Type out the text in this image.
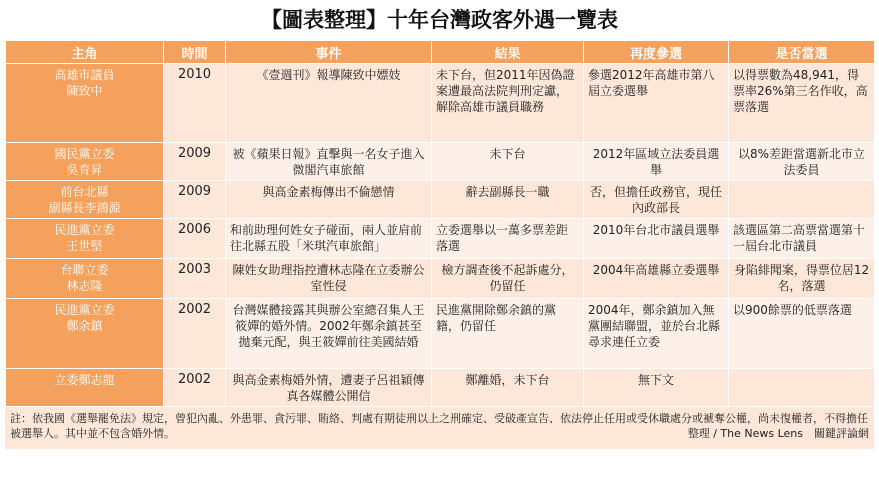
【圖表整理】十年台灣政客外遇一覽表
主角	時間	事件	結果	再度參選	是否當選

高雄市議員
陳致中	2010	《壹週刊》報導陳致中嫖妓	未下台，但2011年因偽證案遭最高法院判刑定讞，解除高雄市議員職務	參選2012年高雄市第八屆立委選舉	以得票數為48,941，得票率26%第三名作收，高票落選

國民黨立委
吳育昇	2009	被《蘋果日報》直擊與一名女子進入微閣汽車旅館	未下台	2012年區域立法委員選舉	以8%差距當選新北市立法委員

前台北縣
副縣長李鴻源	2009	與高金素梅傳出不倫戀情	辭去副縣長一職	否，但擔任政務官，現任內政部長	

民進黨立委
王世堅	2006	和前助理何姓女子碰面，兩人並肩前往北縣五股「米琪汽車旅館」	立委選舉以一萬多票差距落選	2010年台北市議員選舉	該選區第二高票當選第十一屆台北市議員

台聯立委
林志隆	2003	陳姓女助理指控遭林志隆在立委辦公室性侵	檢方調查後不起訴處分，仍留任	2004年高雄縣立委選舉	身陷緋聞案，得票位居12名，落選

民進黨立委
鄭余鎮	2002	台灣媒體接露其與辦公室總召集人王筱嬋的婚外情。2002年鄭余鎮甚至拋棄元配，與王筱嬋前往美國結婚	民進黨開除鄭余鎮的黨籍，仍留任	2004年，鄭余鎮加入無黨團結聯盟，並於台北縣尋求連任立委	以900餘票的低票落選

立委鄭志龍	2002	與高金素梅婚外情，遭妻子呂祖穎傳真各媒體公開信	鄭離婚，未下台	無下文	
註：依我國《選舉罷免法》規定，曾犯內亂、外患罪、貪污罪、賄絡、判處有期徒刑以上之刑確定、受破產宣告、依法停止任用或受休職處分或褫奪公權，尚未復權者，不得擔任被選舉人。其中並不包含婚外情。	整理 / The News Lens　關鍵評論網
